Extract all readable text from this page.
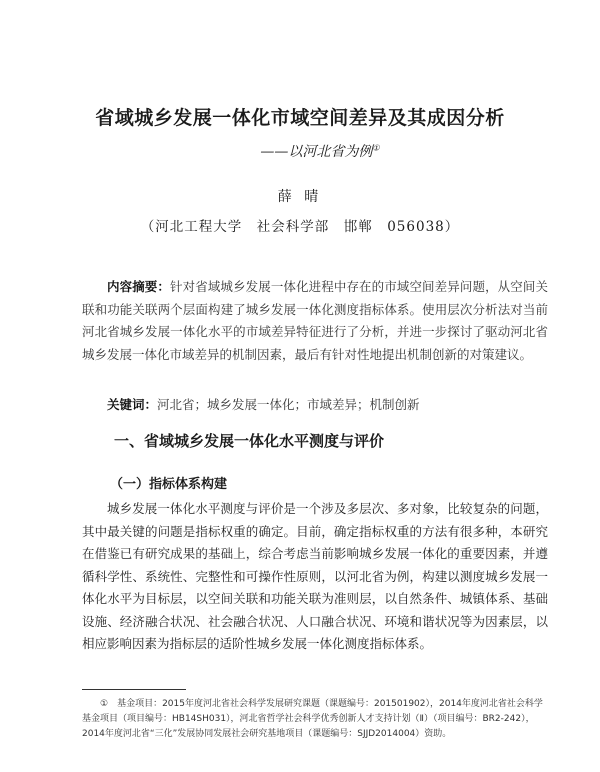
省域城乡发展一体化市域空间差异及其成因分析
——以河北省为例①
薛 晴
（河北工程大学　社会科学部　邯郸　056038）
内容摘要：针对省域城乡发展一体化进程中存在的市域空间差异问题，从空间关联和功能关联两个层面构建了城乡发展一体化测度指标体系。使用层次分析法对当前河北省城乡发展一体化水平的市域差异特征进行了分析，并进一步探讨了驱动河北省城乡发展一体化市域差异的机制因素，最后有针对性地提出机制创新的对策建议。
关键词：河北省；城乡发展一体化；市域差异；机制创新
一、省域城乡发展一体化水平测度与评价
（一）指标体系构建
城乡发展一体化水平测度与评价是一个涉及多层次、多对象，比较复杂的问题，其中最关键的问题是指标权重的确定。目前，确定指标权重的方法有很多种，本研究在借鉴已有研究成果的基础上，综合考虑当前影响城乡发展一体化的重要因素，并遵循科学性、系统性、完整性和可操作性原则，以河北省为例，构建以测度城乡发展一体化水平为目标层，以空间关联和功能关联为准则层，以自然条件、城镇体系、基础设施、经济融合状况、社会融合状况、人口融合状况、环境和谐状况等为因素层，以相应影响因素为指标层的适阶性城乡发展一体化测度指标体系。
①　基金项目：2015年度河北省社会科学发展研究课题（课题编号：201501902），2014年度河北省社会科学基金项目（项目编号：HB14SH031），河北省哲学社会科学优秀创新人才支持计划（Ⅱ）（项目编号：BR2-242），2014年度河北省“三化”发展协同发展社会研究基地项目（课题编号：SJJD2014004）资助。
